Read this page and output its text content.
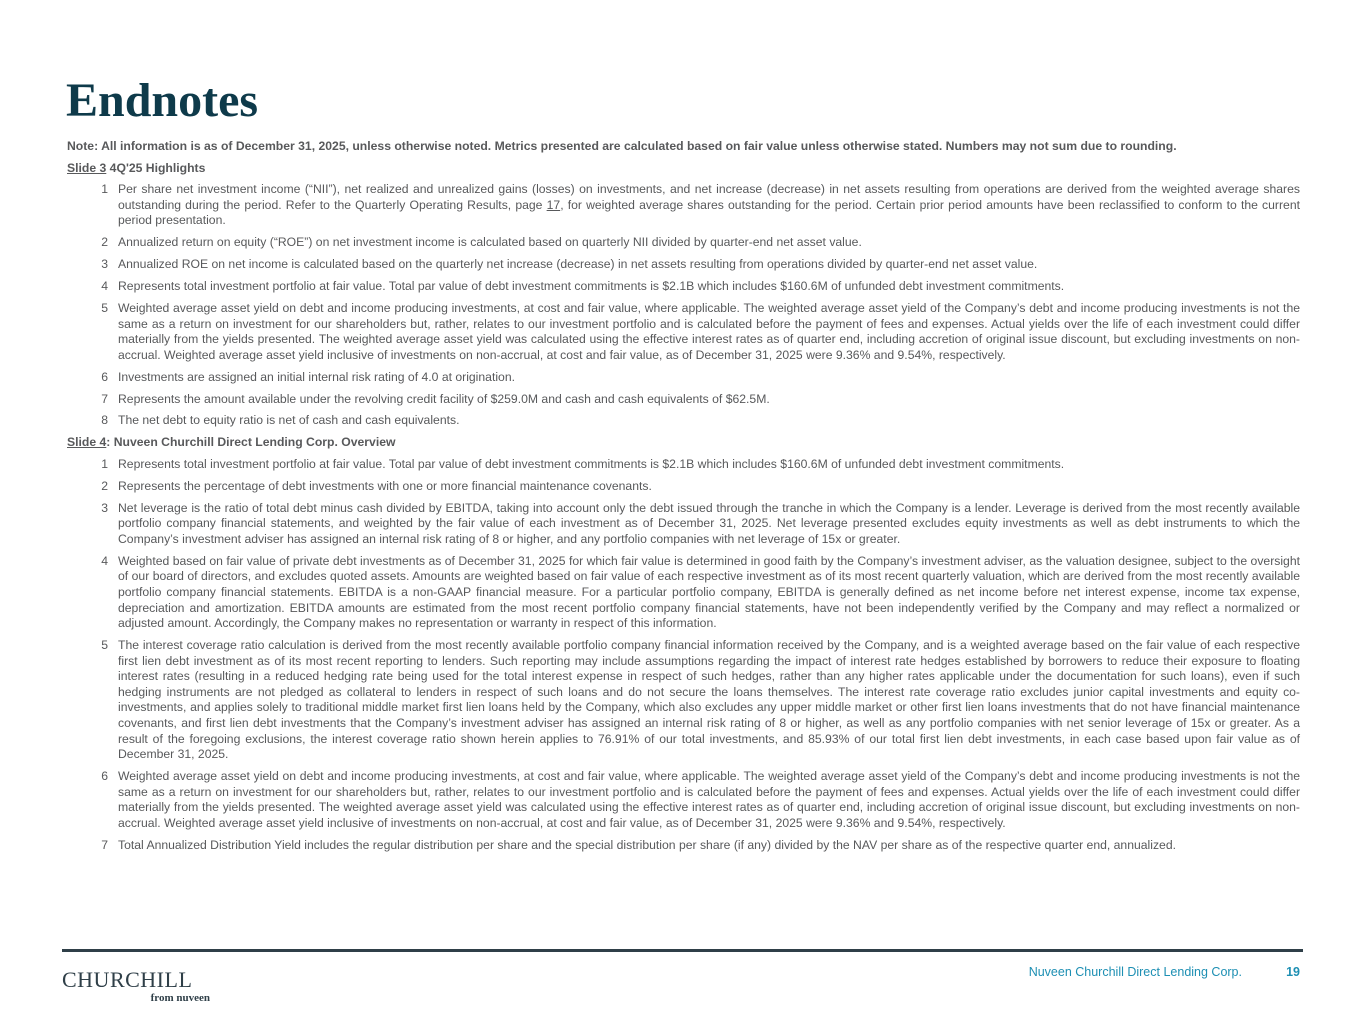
Endnotes
Note: All information is as of December 31, 2025, unless otherwise noted. Metrics presented are calculated based on fair value unless otherwise stated. Numbers may not sum due to rounding.
Slide 3 4Q'25 Highlights
1 Per share net investment income (“NII”), net realized and unrealized gains (losses) on investments, and net increase (decrease) in net assets resulting from operations are derived from the weighted average shares outstanding during the period. Refer to the Quarterly Operating Results, page 17, for weighted average shares outstanding for the period. Certain prior period amounts have been reclassified to conform to the current period presentation.
2 Annualized return on equity (“ROE”) on net investment income is calculated based on quarterly NII divided by quarter-end net asset value.
3 Annualized ROE on net income is calculated based on the quarterly net increase (decrease) in net assets resulting from operations divided by quarter-end net asset value.
4 Represents total investment portfolio at fair value. Total par value of debt investment commitments is $2.1B which includes $160.6M of unfunded debt investment commitments.
5 Weighted average asset yield on debt and income producing investments, at cost and fair value, where applicable. The weighted average asset yield of the Company’s debt and income producing investments is not the same as a return on investment for our shareholders but, rather, relates to our investment portfolio and is calculated before the payment of fees and expenses. Actual yields over the life of each investment could differ materially from the yields presented. The weighted average asset yield was calculated using the effective interest rates as of quarter end, including accretion of original issue discount, but excluding investments on non-accrual. Weighted average asset yield inclusive of investments on non-accrual, at cost and fair value, as of December 31, 2025 were 9.36% and 9.54%, respectively.
6 Investments are assigned an initial internal risk rating of 4.0 at origination.
7 Represents the amount available under the revolving credit facility of $259.0M and cash and cash equivalents of $62.5M.
8 The net debt to equity ratio is net of cash and cash equivalents.
Slide 4: Nuveen Churchill Direct Lending Corp. Overview
1 Represents total investment portfolio at fair value. Total par value of debt investment commitments is $2.1B which includes $160.6M of unfunded debt investment commitments.
2 Represents the percentage of debt investments with one or more financial maintenance covenants.
3 Net leverage is the ratio of total debt minus cash divided by EBITDA, taking into account only the debt issued through the tranche in which the Company is a lender. Leverage is derived from the most recently available portfolio company financial statements, and weighted by the fair value of each investment as of December 31, 2025. Net leverage presented excludes equity investments as well as debt instruments to which the Company’s investment adviser has assigned an internal risk rating of 8 or higher, and any portfolio companies with net leverage of 15x or greater.
4 Weighted based on fair value of private debt investments as of December 31, 2025 for which fair value is determined in good faith by the Company’s investment adviser, as the valuation designee, subject to the oversight of our board of directors, and excludes quoted assets. Amounts are weighted based on fair value of each respective investment as of its most recent quarterly valuation, which are derived from the most recently available portfolio company financial statements. EBITDA is a non-GAAP financial measure. For a particular portfolio company, EBITDA is generally defined as net income before net interest expense, income tax expense, depreciation and amortization. EBITDA amounts are estimated from the most recent portfolio company financial statements, have not been independently verified by the Company and may reflect a normalized or adjusted amount. Accordingly, the Company makes no representation or warranty in respect of this information.
5 The interest coverage ratio calculation is derived from the most recently available portfolio company financial information received by the Company, and is a weighted average based on the fair value of each respective first lien debt investment as of its most recent reporting to lenders. Such reporting may include assumptions regarding the impact of interest rate hedges established by borrowers to reduce their exposure to floating interest rates (resulting in a reduced hedging rate being used for the total interest expense in respect of such hedges, rather than any higher rates applicable under the documentation for such loans), even if such hedging instruments are not pledged as collateral to lenders in respect of such loans and do not secure the loans themselves. The interest rate coverage ratio excludes junior capital investments and equity co-investments, and applies solely to traditional middle market first lien loans held by the Company, which also excludes any upper middle market or other first lien loans investments that do not have financial maintenance covenants, and first lien debt investments that the Company’s investment adviser has assigned an internal risk rating of 8 or higher, as well as any portfolio companies with net senior leverage of 15x or greater. As a result of the foregoing exclusions, the interest coverage ratio shown herein applies to 76.91% of our total investments, and 85.93% of our total first lien debt investments, in each case based upon fair value as of December 31, 2025.
6 Weighted average asset yield on debt and income producing investments, at cost and fair value, where applicable. The weighted average asset yield of the Company’s debt and income producing investments is not the same as a return on investment for our shareholders but, rather, relates to our investment portfolio and is calculated before the payment of fees and expenses. Actual yields over the life of each investment could differ materially from the yields presented. The weighted average asset yield was calculated using the effective interest rates as of quarter end, including accretion of original issue discount, but excluding investments on non-accrual. Weighted average asset yield inclusive of investments on non-accrual, at cost and fair value, as of December 31, 2025 were 9.36% and 9.54%, respectively.
7 Total Annualized Distribution Yield includes the regular distribution per share and the special distribution per share (if any) divided by the NAV per share as of the respective quarter end, annualized.
CHURCHILL
from nuveen
Nuveen Churchill Direct Lending Corp.	19
